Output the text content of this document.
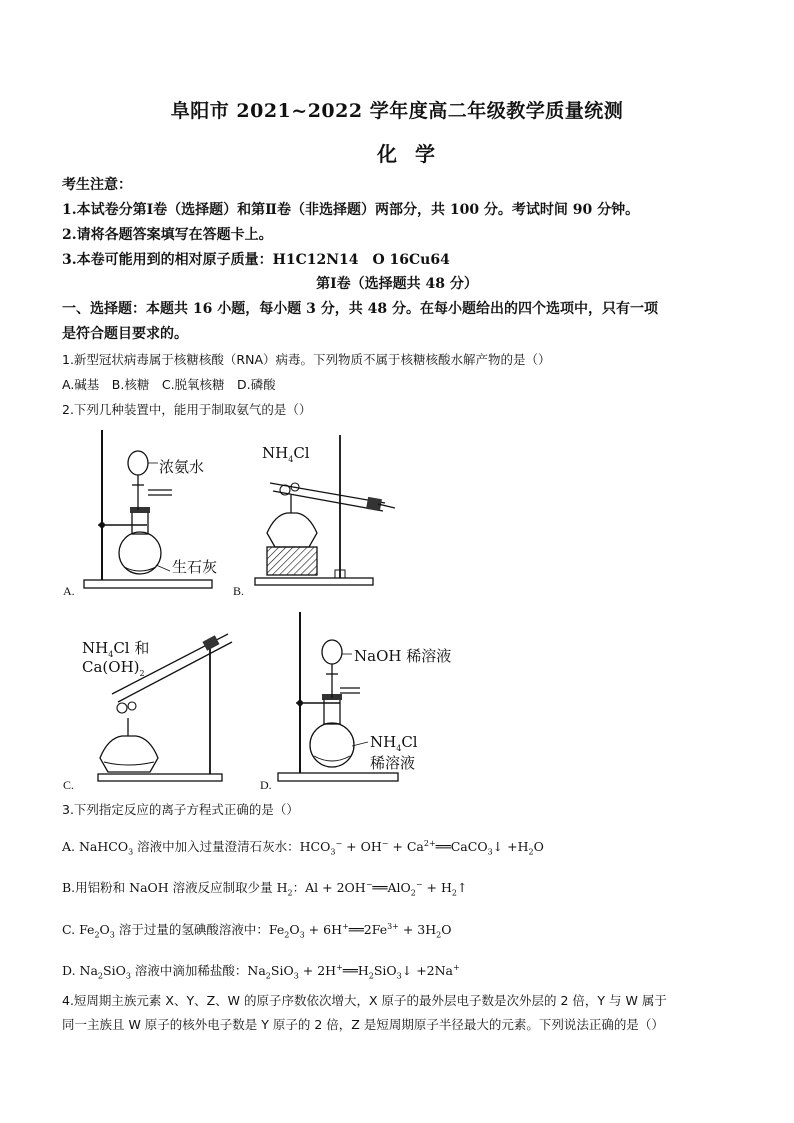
阜阳市 2021~2022 学年度高二年级教学质量统测
化学
考生注意：
1.本试卷分第Ⅰ卷（选择题）和第Ⅱ卷（非选择题）两部分，共 100 分。考试时间 90 分钟。
2.请将各题答案填写在答题卡上。
3.本卷可能用到的相对原子质量：H1C12N14　O 16Cu64
第Ⅰ卷（选择题共 48 分）
一、选择题：本题共 16 小题，每小题 3 分，共 48 分。在每小题给出的四个选项中，只有一项
是符合题目要求的。
1.新型冠状病毒属于核糖核酸（RNA）病毒。下列物质不属于核糖核酸水解产物的是（）
A.碱基　B.核糖　C.脱氧核糖　D.磷酸
2.下列几种装置中，能用于制取氨气的是（）
浓氨水
生石灰
A.
$NH_4Cl$
B.
$NH_4Cl$ 和
$Ca(OH)_2$
C.
NaOH 稀溶液
$NH_4Cl$
稀溶液
D.
3.下列指定反应的离子方程式正确的是（）
A. NaHCO$_3$ 溶液中加入过量澄清石灰水：$HCO_3^- + OH^-$ + $Ca^{2+}══CaCO_3↓ +H_2O$
B.用铝粉和 NaOH 溶液反应制取少量 $H_2$：Al + 2OH−══AlO$_2$− + $H_2↑$
C. $Fe_2O_3$ 溶于过量的氢碘酸溶液中：$Fe_2O_3$ + $6H^+══2Fe^{3+} + 3H_2O$
D. $Na_2SiO_3$ 溶液中滴加稀盐酸：$Na_2SiO_3$ + $2H^+══H_2SiO_3↓ +2Na^+$
4.短周期主族元素 X、Y、Z、W 的原子序数依次增大，X 原子的最外层电子数是次外层的 2 倍，Y 与 W 属于
同一主族且 W 原子的核外电子数是 Y 原子的 2 倍，Z 是短周期原子半径最大的元素。下列说法正确的是（）
